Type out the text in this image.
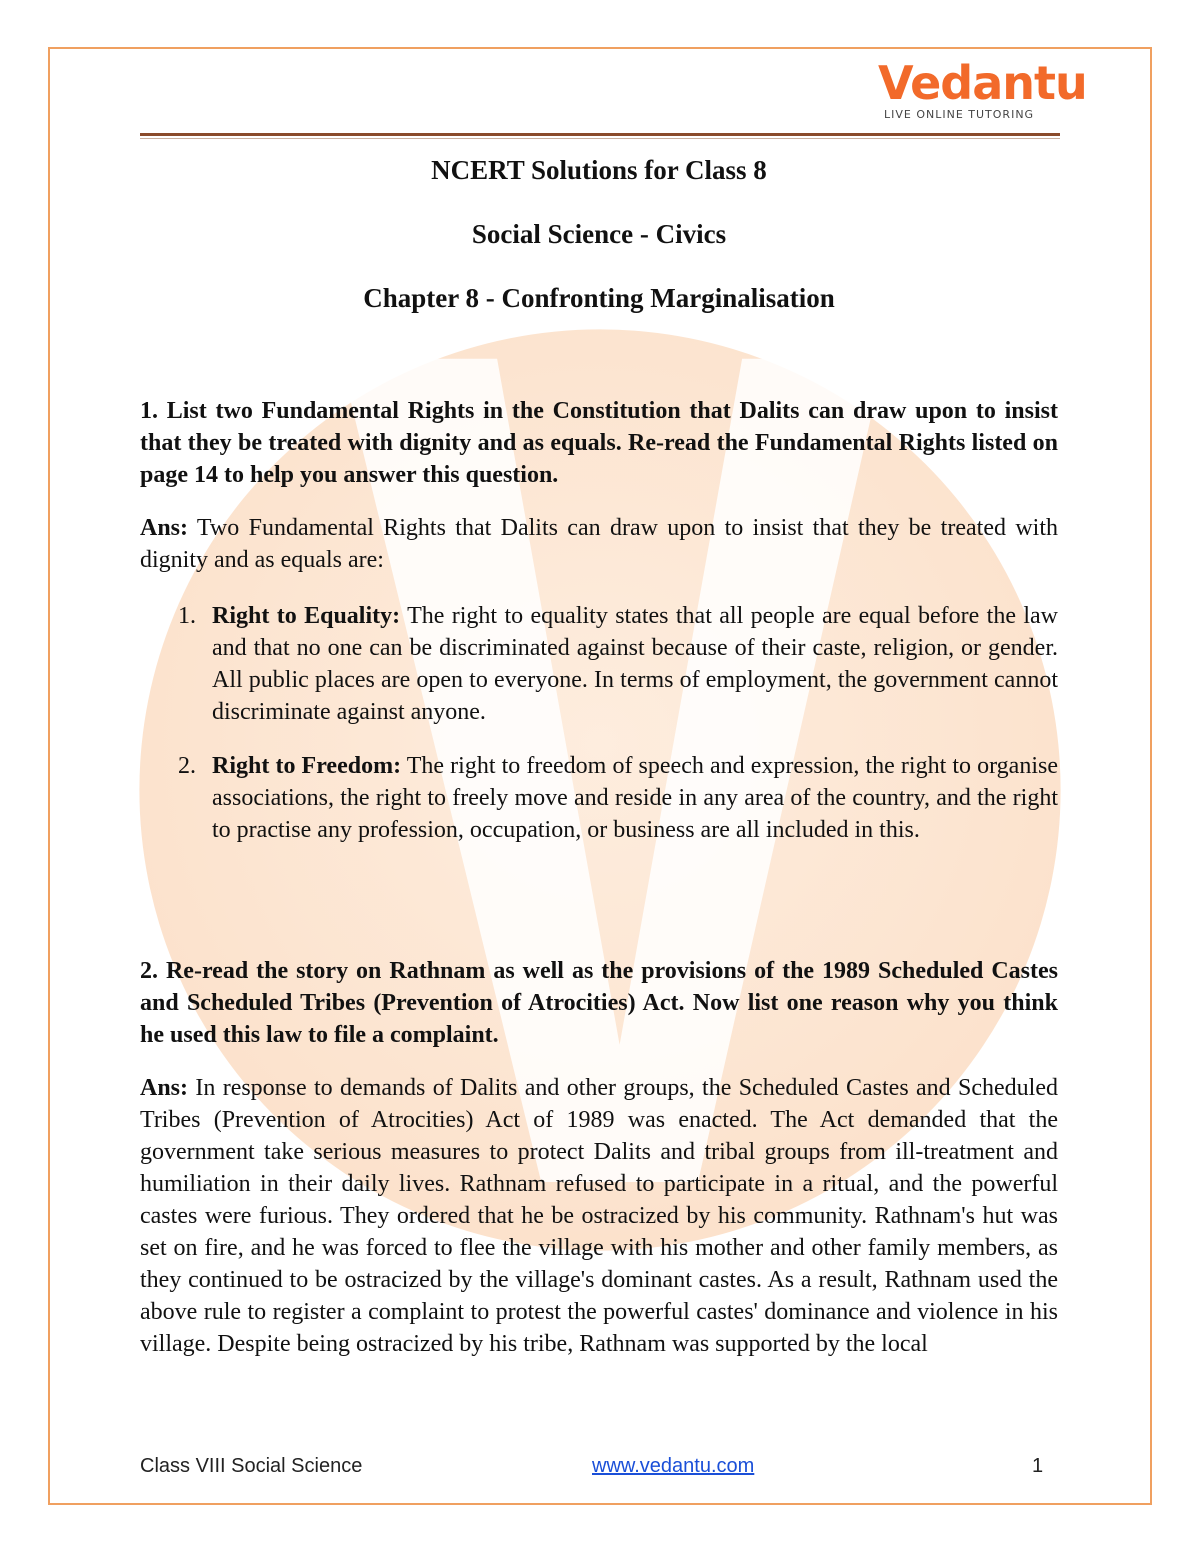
Vedantu
LIVE ONLINE TUTORING

NCERT Solutions for Class 8

Social Science - Civics

Chapter 8 - Confronting Marginalisation

1. List two Fundamental Rights in the Constitution that Dalits can draw upon to insist that they be treated with dignity and as equals. Re-read the Fundamental Rights listed on page 14 to help you answer this question.

Ans: Two Fundamental Rights that Dalits can draw upon to insist that they be treated with dignity and as equals are:

1. Right to Equality: The right to equality states that all people are equal before the law and that no one can be discriminated against because of their caste, religion, or gender. All public places are open to everyone. In terms of employment, the government cannot discriminate against anyone.

2. Right to Freedom: The right to freedom of speech and expression, the right to organise associations, the right to freely move and reside in any area of the country, and the right to practise any profession, occupation, or business are all included in this.

2. Re-read the story on Rathnam as well as the provisions of the 1989 Scheduled Castes and Scheduled Tribes (Prevention of Atrocities) Act. Now list one reason why you think he used this law to file a complaint.

Ans: In response to demands of Dalits and other groups, the Scheduled Castes and Scheduled Tribes (Prevention of Atrocities) Act of 1989 was enacted. The Act demanded that the government take serious measures to protect Dalits and tribal groups from ill-treatment and humiliation in their daily lives. Rathnam refused to participate in a ritual, and the powerful castes were furious. They ordered that he be ostracized by his community. Rathnam's hut was set on fire, and he was forced to flee the village with his mother and other family members, as they continued to be ostracized by the village's dominant castes. As a result, Rathnam used the above rule to register a complaint to protest the powerful castes' dominance and violence in his village. Despite being ostracized by his tribe, Rathnam was supported by the local

Class VIII Social Science	www.vedantu.com	1
